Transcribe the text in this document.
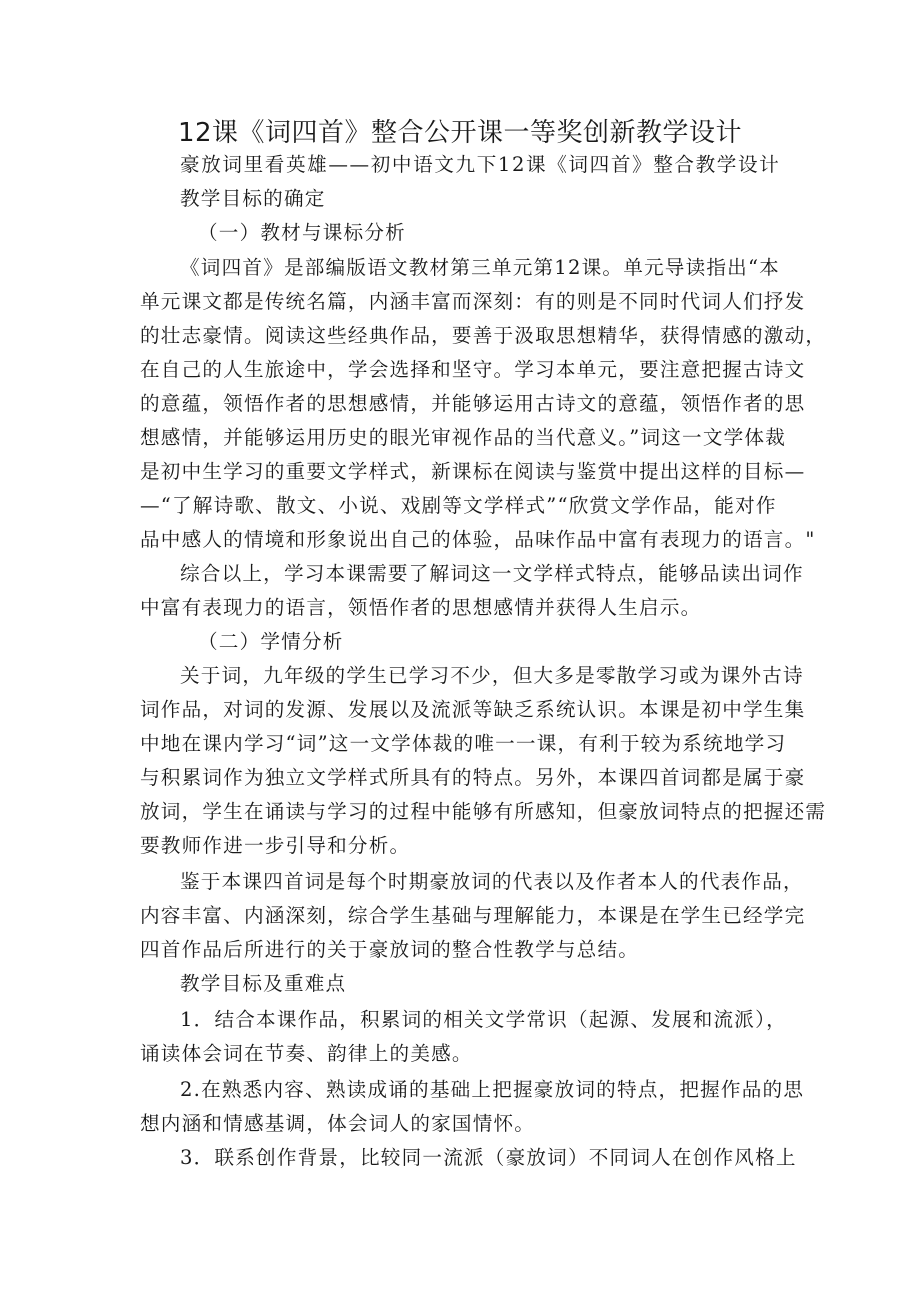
12课《词四首》整合公开课一等奖创新教学设计
豪放词里看英雄——初中语文九下12课《词四首》整合教学设计
教学目标的确定
（一）教材与课标分析
《词四首》是部编版语文教材第三单元第12课。单元导读指出“本
单元课文都是传统名篇，内涵丰富而深刻：有的则是不同时代词人们抒发
的壮志豪情。阅读这些经典作品，要善于汲取思想精华，获得情感的激动，
在自己的人生旅途中，学会选择和坚守。学习本单元，要注意把握古诗文
的意蕴，领悟作者的思想感情，并能够运用古诗文的意蕴，领悟作者的思
想感情，并能够运用历史的眼光审视作品的当代意义。”词这一文学体裁
是初中生学习的重要文学样式，新课标在阅读与鉴赏中提出这样的目标—
—“了解诗歌、散文、小说、戏剧等文学样式”“欣赏文学作品，能对作
品中感人的情境和形象说出自己的体验，品味作品中富有表现力的语言。"
综合以上，学习本课需要了解词这一文学样式特点，能够品读出词作
中富有表现力的语言，领悟作者的思想感情并获得人生启示。
（二）学情分析
关于词，九年级的学生已学习不少，但大多是零散学习或为课外古诗
词作品，对词的发源、发展以及流派等缺乏系统认识。本课是初中学生集
中地在课内学习“词”这一文学体裁的唯一一课，有利于较为系统地学习
与积累词作为独立文学样式所具有的特点。另外，本课四首词都是属于豪
放词，学生在诵读与学习的过程中能够有所感知，但豪放词特点的把握还需
要教师作进一步引导和分析。
鉴于本课四首词是每个时期豪放词的代表以及作者本人的代表作品，
内容丰富、内涵深刻，综合学生基础与理解能力，本课是在学生已经学完
四首作品后所进行的关于豪放词的整合性教学与总结。
教学目标及重难点
1．结合本课作品，积累词的相关文学常识（起源、发展和流派），
诵读体会词在节奏、韵律上的美感。
2.在熟悉内容、熟读成诵的基础上把握豪放词的特点，把握作品的思
想内涵和情感基调，体会词人的家国情怀。
3．联系创作背景，比较同一流派（豪放词）不同词人在创作风格上
